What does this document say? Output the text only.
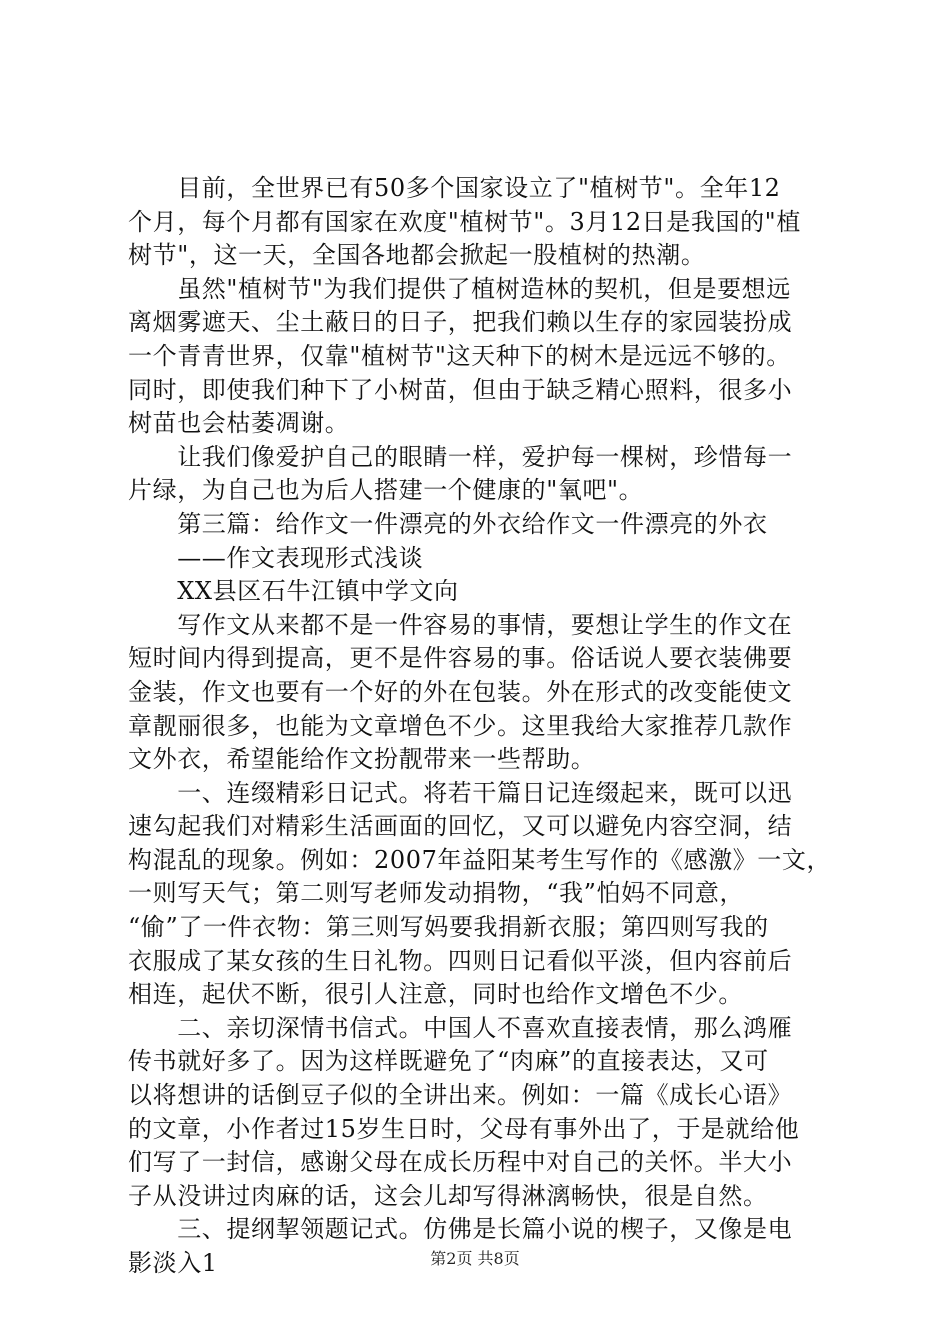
　　目前，全世界已有50多个国家设立了"植树节"。全年12
个月，每个月都有国家在欢度"植树节"。3月12日是我国的"植
树节"，这一天，全国各地都会掀起一股植树的热潮。
　　虽然"植树节"为我们提供了植树造林的契机，但是要想远
离烟雾遮天、尘土蔽日的日子，把我们赖以生存的家园装扮成
一个青青世界，仅靠"植树节"这天种下的树木是远远不够的。
同时，即使我们种下了小树苗，但由于缺乏精心照料，很多小
树苗也会枯萎凋谢。
　　让我们像爱护自己的眼睛一样，爱护每一棵树，珍惜每一
片绿，为自己也为后人搭建一个健康的"氧吧"。
　　第三篇：给作文一件漂亮的外衣给作文一件漂亮的外衣
　　——作文表现形式浅谈
　　XX县区石牛江镇中学文向
　　写作文从来都不是一件容易的事情，要想让学生的作文在
短时间内得到提高，更不是件容易的事。俗话说人要衣装佛要
金装，作文也要有一个好的外在包装。外在形式的改变能使文
章靓丽很多，也能为文章增色不少。这里我给大家推荐几款作
文外衣，希望能给作文扮靓带来一些帮助。
　　一、连缀精彩日记式。将若干篇日记连缀起来，既可以迅
速勾起我们对精彩生活画面的回忆，又可以避免内容空洞，结
构混乱的现象。例如：2007年益阳某考生写作的《感激》一文，
一则写天气；第二则写老师发动捐物，“我”怕妈不同意，
“偷”了一件衣物：第三则写妈要我捐新衣服；第四则写我的
衣服成了某女孩的生日礼物。四则日记看似平淡，但内容前后
相连，起伏不断，很引人注意，同时也给作文增色不少。
　　二、亲切深情书信式。中国人不喜欢直接表情，那么鸿雁
传书就好多了。因为这样既避免了“肉麻”的直接表达，又可
以将想讲的话倒豆子似的全讲出来。例如：一篇《成长心语》
的文章，小作者过15岁生日时，父母有事外出了，于是就给他
们写了一封信，感谢父母在成长历程中对自己的关怀。半大小
子从没讲过肉麻的话，这会儿却写得淋漓畅快，很是自然。
　　三、提纲挈领题记式。仿佛是长篇小说的楔子，又像是电
影淡入1	第2页 共8页
